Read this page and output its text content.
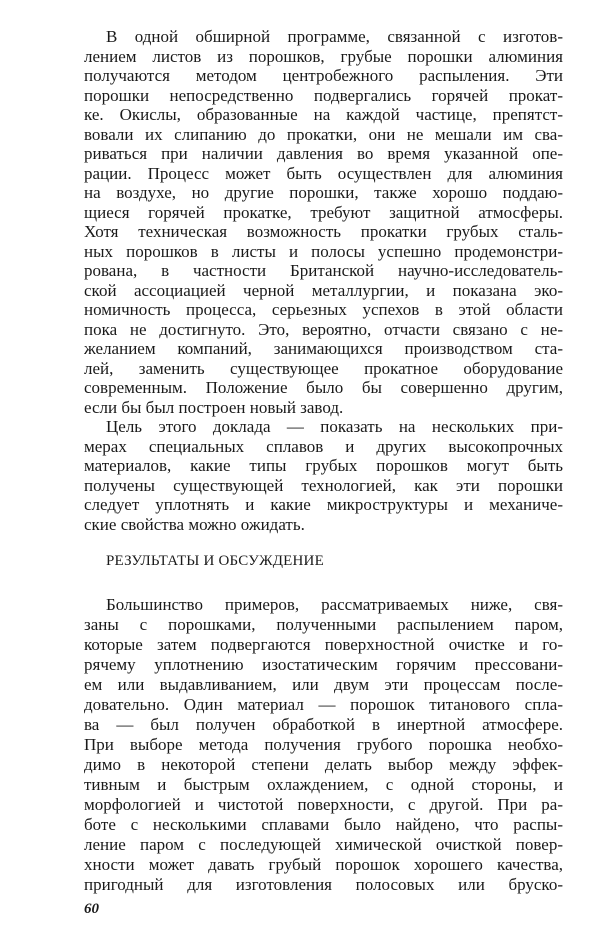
В одной обширной программе, связанной с изготов-
лением листов из порошков, грубые порошки алюминия
получаются методом центробежного распыления. Эти
порошки непосредственно подвергались горячей прокат-
ке. Окислы, образованные на каждой частице, препятст-
вовали их слипанию до прокатки, они не мешали им сва-
риваться при наличии давления во время указанной опе-
рации. Процесс может быть осуществлен для алюминия
на воздухе, но другие порошки, также хорошо поддаю-
щиеся горячей прокатке, требуют защитной атмосферы.
Хотя техническая возможность прокатки грубых сталь-
ных порошков в листы и полосы успешно продемонстри-
рована, в частности Британской научно-исследователь-
ской ассоциацией черной металлургии, и показана эко-
номичность процесса, серьезных успехов в этой области
пока не достигнуто. Это, вероятно, отчасти связано с не-
желанием компаний, занимающихся производством ста-
лей, заменить существующее прокатное оборудование
современным. Положение было бы совершенно другим,
если бы был построен новый завод.
Цель этого доклада — показать на нескольких при-
мерах специальных сплавов и других высокопрочных
материалов, какие типы грубых порошков могут быть
получены существующей технологией, как эти порошки
следует уплотнять и какие микроструктуры и механиче-
ские свойства можно ожидать.
РЕЗУЛЬТАТЫ И ОБСУЖДЕНИЕ
Большинство примеров, рассматриваемых ниже, свя-
заны с порошками, полученными распылением паром,
которые затем подвергаются поверхностной очистке и го-
рячему уплотнению изостатическим горячим прессовани-
ем или выдавливанием, или двум эти процессам после-
довательно. Один материал — порошок титанового спла-
ва — был получен обработкой в инертной атмосфере.
При выборе метода получения грубого порошка необхо-
димо в некоторой степени делать выбор между эффек-
тивным и быстрым охлаждением, с одной стороны, и
морфологией и чистотой поверхности, с другой. При ра-
боте с несколькими сплавами было найдено, что распы-
ление паром с последующей химической очисткой повер-
хности может давать грубый порошок хорошего качества,
пригодный для изготовления полосовых или бруско-
60
